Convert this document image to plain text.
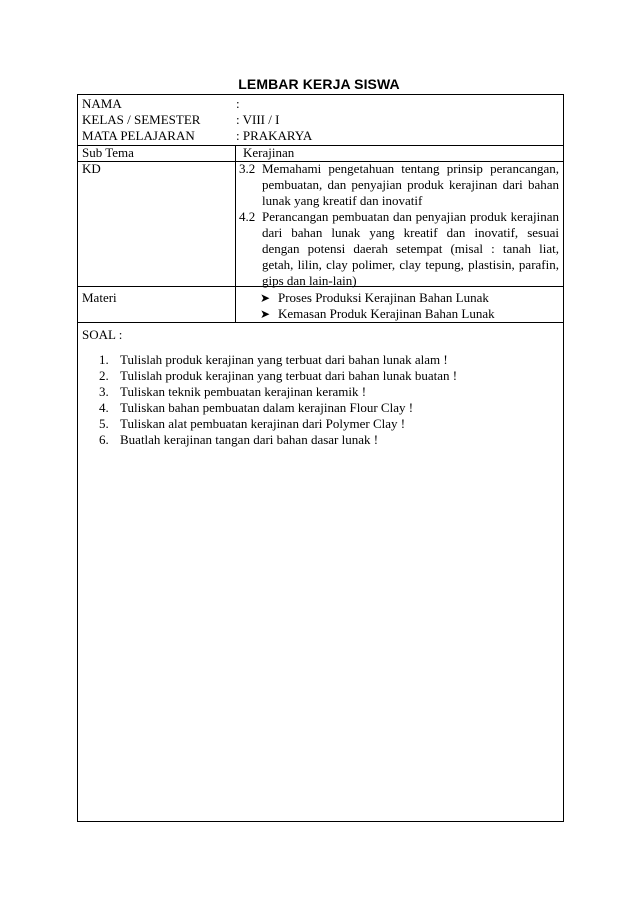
LEMBAR KERJA SISWA
NAMA	:
KELAS / SEMESTER	: VIII / I
MATA PELAJARAN	: PRAKARYA
Sub Tema	Kerajinan
KD	3.2 Memahami pengetahuan tentang prinsip perancangan, pembuatan, dan penyajian produk kerajinan dari bahan lunak yang kreatif dan inovatif
4.2 Perancangan pembuatan dan penyajian produk kerajinan dari bahan lunak yang kreatif dan inovatif, sesuai dengan potensi daerah setempat (misal : tanah liat, getah, lilin, clay polimer, clay tepung, plastisin, parafin, gips dan lain-lain)
Materi	➤ Proses Produksi Kerajinan Bahan Lunak
➤ Kemasan Produk Kerajinan Bahan Lunak
SOAL :
1. Tulislah produk kerajinan yang terbuat dari bahan lunak alam !
2. Tulislah produk kerajinan yang terbuat dari bahan lunak buatan !
3. Tuliskan teknik pembuatan kerajinan keramik !
4. Tuliskan bahan pembuatan dalam kerajinan Flour Clay !
5. Tuliskan alat pembuatan kerajinan dari Polymer Clay !
6. Buatlah kerajinan tangan dari bahan dasar lunak !
